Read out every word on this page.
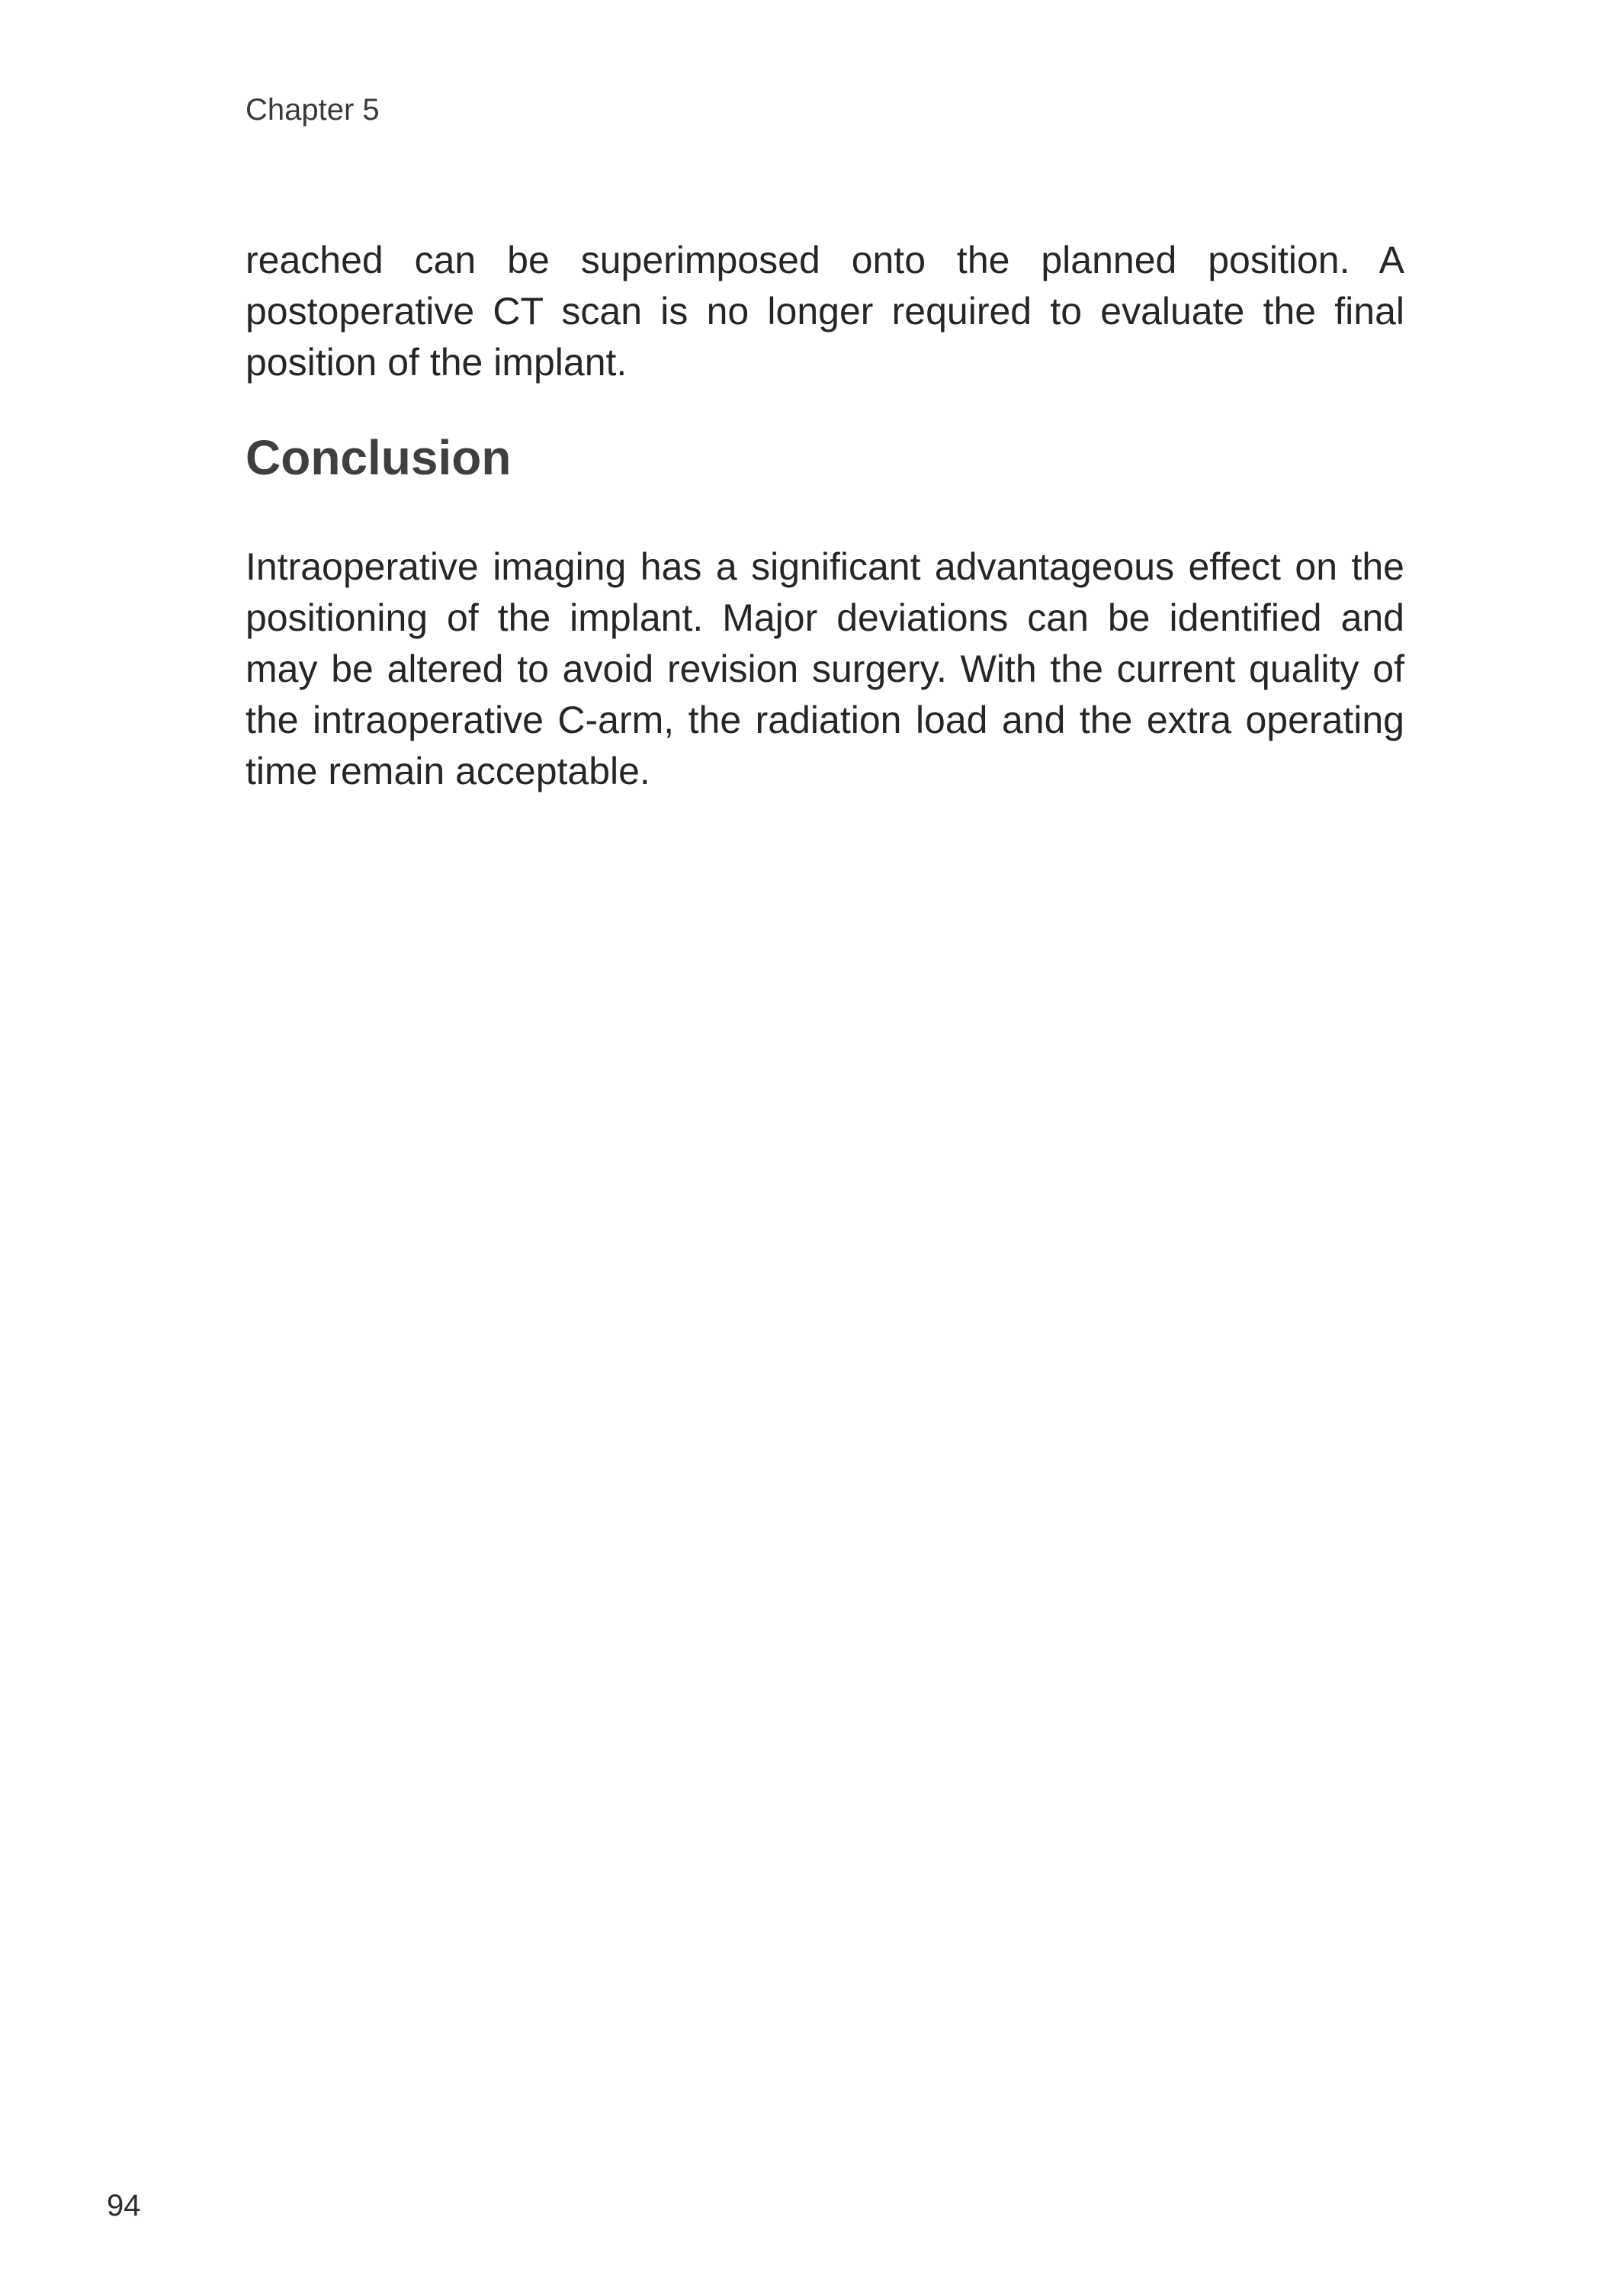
Chapter 5

reached can be superimposed onto the planned position. A postoperative CT scan is no longer required to evaluate the final position of the implant.

Conclusion

Intraoperative imaging has a significant advantageous effect on the positioning of the implant. Major deviations can be identified and may be altered to avoid revision surgery. With the current quality of the intraoperative C-arm, the radiation load and the extra operating time remain acceptable.

94
